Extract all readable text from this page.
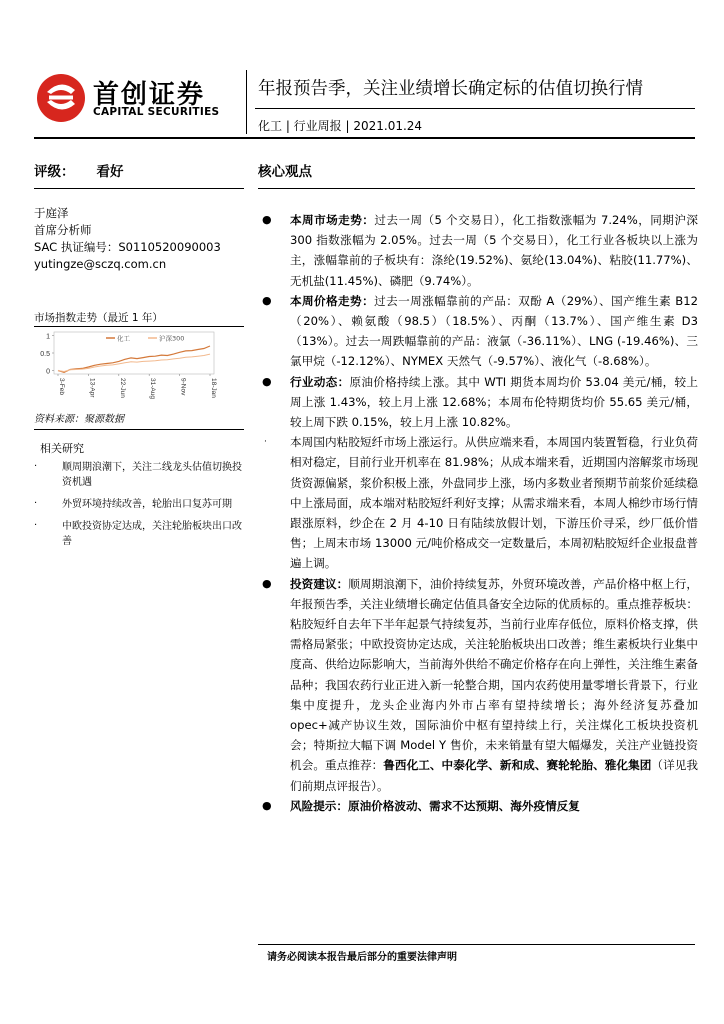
首创证券
CAPITAL SECURITIES
年报预告季，关注业绩增长确定标的估值切换行情
化工 | 行业周报 | 2021.01.24
评级： 看好
于庭泽
首席分析师
SAC 执证编号：S0110520090003
yutingze@sczq.com.cn
市场指数走势（最近 1 年）
0
0.5
1
3-Feb	13-Apr	22-Jun	31-Aug	9-Nov	18-Jan
化工	沪深300
资料来源：聚源数据
相关研究
· 顺周期浪潮下，关注二线龙头估值切换投资机遇
· 外贸环境持续改善，轮胎出口复苏可期
· 中欧投资协定达成，关注轮胎板块出口改善
核心观点
● 本周市场走势：过去一周（5 个交易日），化工指数涨幅为 7.24%，同期沪深 300 指数涨幅为 2.05%。过去一周（5 个交易日），化工行业各板块以上涨为主，涨幅靠前的子板块有：涤纶(19.52%)、氨纶(13.04%)、粘胶(11.77%)、无机盐(11.45%)、磷肥（9.74%）。
● 本周价格走势：过去一周涨幅靠前的产品：双酚 A（29%）、国产维生素 B12（20%）、赖氨酸（98.5）（18.5%）、丙酮（13.7%）、国产维生素 D3（13%）。过去一周跌幅靠前的产品：液氯（-36.11%）、LNG (-19.46%)、三氯甲烷（-12.12%）、NYMEX 天然气（-9.57%）、液化气（-8.68%）。
● 行业动态：原油价格持续上涨。其中 WTI 期货本周均价 53.04 美元/桶，较上周上涨 1.43%，较上月上涨 12.68%；本周布伦特期货均价 55.65 美元/桶，较上周下跌 0.15%，较上月上涨 10.82%。
· 本周国内粘胶短纤市场上涨运行。从供应端来看，本周国内装置暂稳，行业负荷相对稳定，目前行业开机率在 81.98%；从成本端来看，近期国内溶解浆市场现货资源偏紧，浆价积极上涨，外盘同步上涨，场内多数业者预期节前浆价延续稳中上涨局面，成本端对粘胶短纤利好支撑；从需求端来看，本周人棉纱市场行情跟涨原料，纱企在 2 月 4-10 日有陆续放假计划，下游压价寻采，纱厂低价惜售；上周末市场 13000 元/吨价格成交一定数量后，本周初粘胶短纤企业报盘普遍上调。
● 投资建议：顺周期浪潮下，油价持续复苏，外贸环境改善，产品价格中枢上行，年报预告季，关注业绩增长确定估值具备安全边际的优质标的。重点推荐板块：粘胶短纤自去年下半年起景气持续复苏，当前行业库存低位，原料价格支撑，供需格局紧张；中欧投资协定达成，关注轮胎板块出口改善；维生素板块行业集中度高、供给边际影响大，当前海外供给不确定价格存在向上弹性，关注维生素备品种；我国农药行业正进入新一轮整合期，国内农药使用量零增长背景下，行业集中度提升，龙头企业海内外市占率有望持续增长；海外经济复苏叠加 opec+减产协议生效，国际油价中枢有望持续上行，关注煤化工板块投资机会；特斯拉大幅下调 Model Y 售价，未来销量有望大幅爆发，关注产业链投资机会。重点推荐：鲁西化工、中泰化学、新和成、赛轮轮胎、雅化集团（详见我们前期点评报告）。
● 风险提示：原油价格波动、需求不达预期、海外疫情反复
请务必阅读本报告最后部分的重要法律声明
